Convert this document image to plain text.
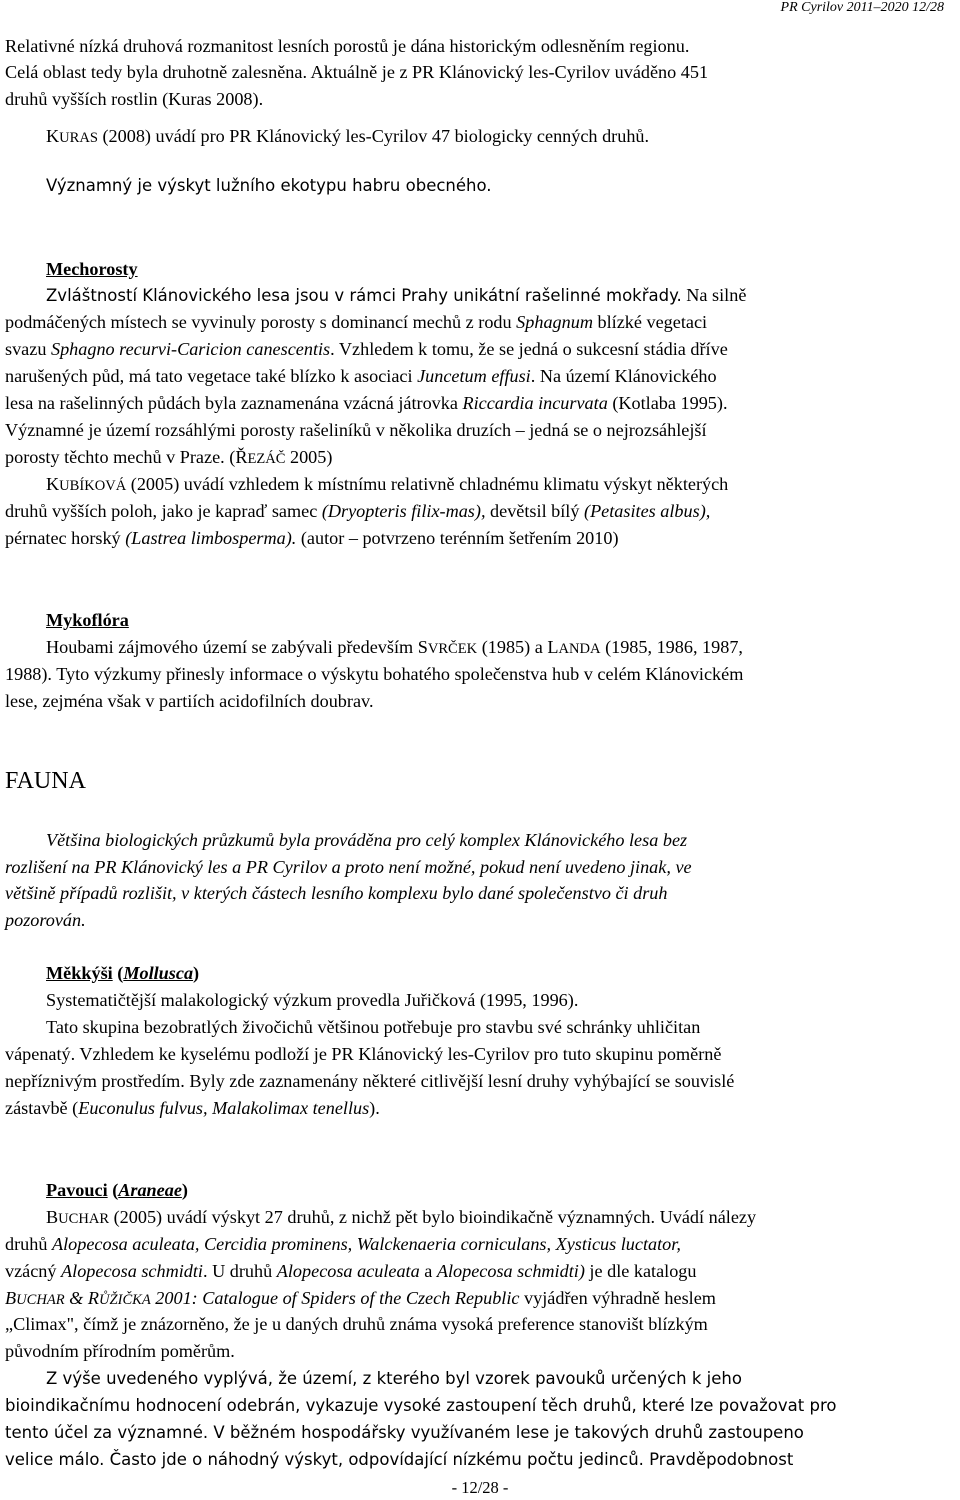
PR Cyrilov 2011–2020 12/28
Relativné nízká druhová rozmanitost lesních porostů je dána historickým odlesněním regionu.
Celá oblast tedy byla druhotně zalesněna. Aktuálně je z PR Klánovický les-Cyrilov uváděno 451
druhů vyšších rostlin (Kuras 2008).
KURAS (2008) uvádí pro PR Klánovický les-Cyrilov 47 biologicky cenných druhů.
Významný je výskyt lužního ekotypu habru obecného.
Mechorosty
Zvláštností Klánovického lesa jsou v rámci Prahy unikátní rašelinné mokřady. Na silně
podmáčených místech se vyvinuly porosty s dominancí mechů z rodu Sphagnum blízké vegetaci
svazu Sphagno recurvi-Caricion canescentis. Vzhledem k tomu, že se jedná o sukcesní stádia dříve
narušených půd, má tato vegetace také blízko k asociaci Juncetum effusi. Na území Klánovického
lesa na rašelinných půdách byla zaznamenána vzácná játrovka Riccardia incurvata (Kotlaba 1995).
Významné je území rozsáhlými porosty rašeliníků v několika druzích – jedná se o nejrozsáhlejší
porosty těchto mechů v Praze. (ŘEZÁČ 2005)
KUBÍKOVÁ (2005) uvádí vzhledem k místnímu relativně chladnému klimatu výskyt některých
druhů vyšších poloh, jako je kapraď samec (Dryopteris filix-mas), devětsil bílý (Petasites albus),
pérnatec horský (Lastrea limbosperma). (autor – potvrzeno terénním šetřením 2010)
Mykoflóra
Houbami zájmového území se zabývali především SVRČEK (1985) a LANDA (1985, 1986, 1987,
1988). Tyto výzkumy přinesly informace o výskytu bohatého společenstva hub v celém Klánovickém
lese, zejména však v partiích acidofilních doubrav.
FAUNA
Většina biologických průzkumů byla prováděna pro celý komplex Klánovického lesa bez
rozlišení na PR Klánovický les a PR Cyrilov a proto není možné, pokud není uvedeno jinak, ve
většině případů rozlišit, v kterých částech lesního komplexu bylo dané společenstvo či druh
pozorován.
Měkkýši (Mollusca)
Systematičtější malakologický výzkum provedla Juřičková (1995, 1996).
Tato skupina bezobratlých živočichů většinou potřebuje pro stavbu své schránky uhličitan
vápenatý. Vzhledem ke kyselému podloží je PR Klánovický les-Cyrilov pro tuto skupinu poměrně
nepříznivým prostředím. Byly zde zaznamenány některé citlivější lesní druhy vyhýbající se souvislé
zástavbě (Euconulus fulvus, Malakolimax tenellus).
Pavouci (Araneae)
BUCHAR (2005) uvádí výskyt 27 druhů, z nichž pět bylo bioindikačně významných. Uvádí nálezy
druhů Alopecosa aculeata, Cercidia prominens, Walckenaeria corniculans, Xysticus luctator,
vzácný Alopecosa schmidti. U druhů Alopecosa aculeata a Alopecosa schmidti) je dle katalogu
BUCHAR & RŮŽIČKA 2001: Catalogue of Spiders of the Czech Republic vyjádřen výhradně heslem
„Climax", čímž je znázorněno, že je u daných druhů známa vysoká preference stanovišt blízkým
původním přírodním poměrům.
Z výše uvedeného vyplývá, že území, z kterého byl vzorek pavouků určených k jeho
bioindikačnímu hodnocení odebrán, vykazuje vysoké zastoupení těch druhů, které lze považovat pro
tento účel za významné. V běžném hospodářsky využívaném lese je takových druhů zastoupeno
velice málo. Často jde o náhodný výskyt, odpovídající nízkému počtu jedinců. Pravděpodobnost
- 12/28 -
